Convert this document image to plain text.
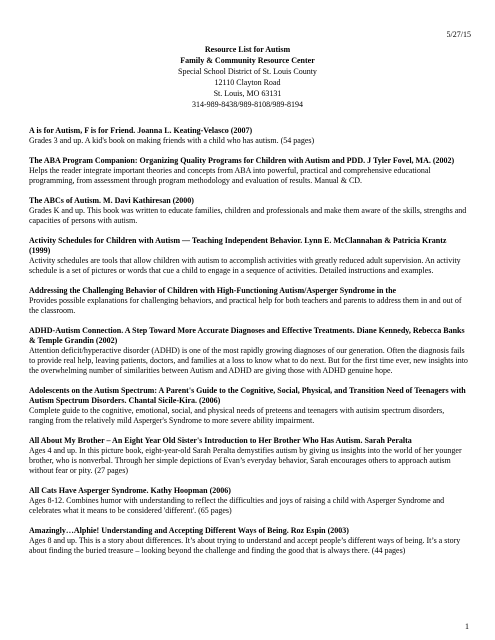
5/27/15
Resource List for Autism
Family & Community Resource Center
Special School District of St. Louis County
12110 Clayton Road
St. Louis, MO 63131
314-989-8438/989-8108/989-8194
A is for Autism, F is for Friend. Joanna L. Keating-Velasco (2007)
Grades 3 and up. A kid's book on making friends with a child who has autism. (54 pages)
The ABA Program Companion: Organizing Quality Programs for Children with Autism and PDD. J Tyler Fovel, MA. (2002)
Helps the reader integrate important theories and concepts from ABA into powerful, practical and comprehensive educational programming, from assessment through program methodology and evaluation of results. Manual & CD.
The ABCs of Autism. M. Davi Kathiresan (2000)
Grades K and up. This book was written to educate families, children and professionals and make them aware of the skills, strengths and capacities of persons with autism.
Activity Schedules for Children with Autism — Teaching Independent Behavior. Lynn E. McClannahan & Patricia Krantz (1999)
Activity schedules are tools that allow children with autism to accomplish activities with greatly reduced adult supervision. An activity schedule is a set of pictures or words that cue a child to engage in a sequence of activities. Detailed instructions and examples.
Addressing the Challenging Behavior of Children with High-Functioning Autism/Asperger Syndrome in the
Provides possible explanations for challenging behaviors, and practical help for both teachers and parents to address them in and out of the classroom.
ADHD-Autism Connection. A Step Toward More Accurate Diagnoses and Effective Treatments. Diane Kennedy, Rebecca Banks & Temple Grandin (2002)
Attention deficit/hyperactive disorder (ADHD) is one of the most rapidly growing diagnoses of our generation. Often the diagnosis fails to provide real help, leaving patients, doctors, and families at a loss to know what to do next. But for the first time ever, new insights into the overwhelming number of similarities between Autism and ADHD are giving those with ADHD genuine hope.
Adolescents on the Autism Spectrum: A Parent's Guide to the Cognitive, Social, Physical, and Transition Need of Teenagers with Autism Spectrum Disorders. Chantal Sicile-Kira. (2006)
Complete guide to the cognitive, emotional, social, and physical needs of preteens and teenagers with autisim spectrum disorders, ranging from the relatively mild Asperger's Syndrome to more severe ability impairment.
All About My Brother – An Eight Year Old Sister's Introduction to Her Brother Who Has Autism. Sarah Peralta
Ages 4 and up. In this picture book, eight-year-old Sarah Peralta demystifies autism by giving us insights into the world of her younger brother, who is nonverbal. Through her simple depictions of Evan’s everyday behavior, Sarah encourages others to approach autism without fear or pity. (27 pages)
All Cats Have Asperger Syndrome. Kathy Hoopman (2006)
Ages 8-12. Combines humor with understanding to reflect the difficulties and joys of raising a child with Asperger Syndrome and celebrates what it means to be considered 'different'. (65 pages)
Amazingly…Alphie! Understanding and Accepting Different Ways of Being. Roz Espin (2003)
Ages 8 and up. This is a story about differences. It’s about trying to understand and accept people’s different ways of being. It’s a story about finding the buried treasure – looking beyond the challenge and finding the good that is always there. (44 pages)
1
